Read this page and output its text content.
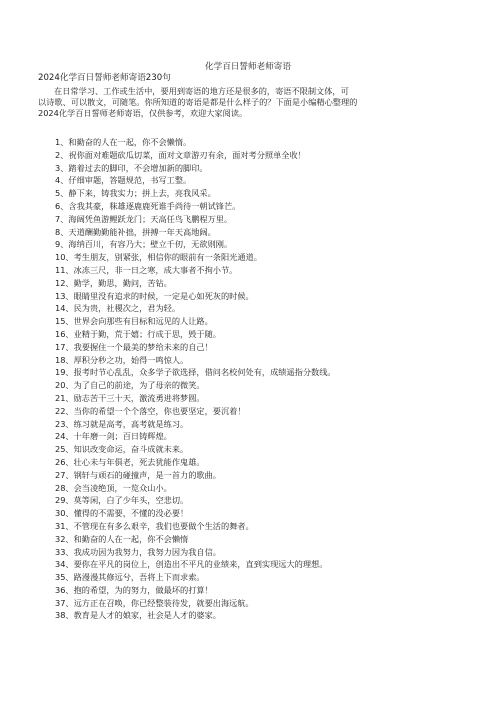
化学百日誓师老师寄语
2024化学百日誓师老师寄语230句
在日常学习、工作或生活中，要用到寄语的地方还是很多的，寄语不限制文体，可
以诗歌、可以散文，可随笔。你所知道的寄语是都是什么样子的？下面是小编精心整理的
2024化学百日誓师老师寄语，仅供参考，欢迎大家阅读。
1、和勤奋的人在一起，你不会懒惰。
2、祝你面对难题砍瓜切菜，面对文章游刃有余，面对考分照单全收！
3、踏着过去的脚印，不会增加新的脚印。
4、仔细审题，答题规范，书写工整。
5、静下来，铸我实力；拼上去，亮我风采。
6、含我其豪，秣雄逐鹿鹿死谁手尚待一朝试锋芒。
7、海阔凭鱼游鲤跃龙门；天高任鸟飞鹏程万里。
8、天道酬勤勤能补拙，拼搏一年天高地阔。
9、海纳百川，有容乃大；壁立千仞，无欲则刚。
10、考生朋友，别紧张，相信你的眼前有一条阳光通道。
11、冰冻三尺，非一日之寒，成大事者不拘小节。
12、勤学，勤思，勤问，苦钻。
13、眼睛里没有追求的时候，一定是心如死灰的时候。
14、民为贵，社稷次之，君为轻。
15、世界会向那些有目标和远见的人让路。
16、业精于勤，荒于嬉；行成于思，毁于随。
17、我要握住一个最美的梦给未来的自己！
18、厚积分秒之功，始得一鸣惊人。
19、报考时节心乱乱，众多学子欲选择，借问名校何处有，成绩遥指分数线。
20、为了自己的前途，为了母亲的微笑。
21、励志苦干三十天，激流勇进将梦圆。
22、当你的希望一个个落空，你也要坚定，要沉着！
23、练习就是高考，高考就是练习。
24、十年磨一剑；百日铸辉煌。
25、知识改变命运，奋斗成就未来。
26、壮心未与年俱老，死去犹能作鬼雄。
27、钢轩与顽石的碰撞声，是一首力的歌曲。
28、会当凌绝顶，一览众山小。
29、莫等闲，白了少年头，空悲切。
30、懂得的不需要，不懂的没必要！
31、不管现在有多么艰辛，我们也要做个生活的舞者。
32、和勤奋的人在一起，你不会懒惰
33、我成功因为我努力，我努力因为我自信。
34、要你在平凡的岗位上，创造出不平凡的业绩来，直到实现远大的理想。
35、路漫漫其修远兮，吾将上下而求索。
36、抱的希望，为的努力，做最坏的打算！
37、远方正在召唤，你已经整装待发，就要出海远航。
38、教育是人才的娘家，社会是人才的婆家。
